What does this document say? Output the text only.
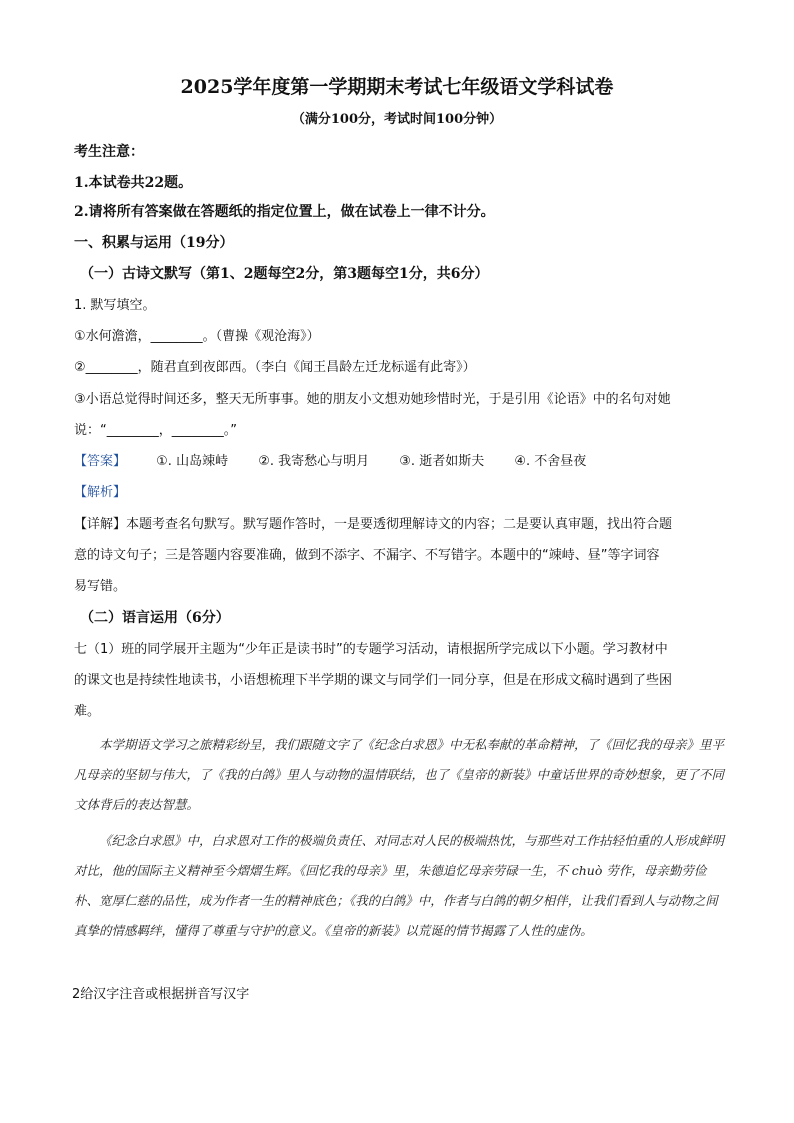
2025学年度第一学期期末考试七年级语文学科试卷
（满分100分，考试时间100分钟）
考生注意：
1.本试卷共22题。
2.请将所有答案做在答题纸的指定位置上，做在试卷上一律不计分。
一、积累与运用（19分）
（一）古诗文默写（第1、2题每空2分，第3题每空1分，共6分）
1. 默写填空。
①水何澹澹，________。（曹操《观沧海》）
②________，随君直到夜郎西。（李白《闻王昌龄左迁龙标遥有此寄》）
③小语总觉得时间还多，整天无所事事。她的朋友小文想劝她珍惜时光，于是引用《论语》中的名句对她
说：“________，________。”
【答案】 ①. 山岛竦峙 ②. 我寄愁心与明月 ③. 逝者如斯夫 ④. 不舍昼夜
【解析】
【详解】本题考查名句默写。默写题作答时，一是要透彻理解诗文的内容；二是要认真审题，找出符合题
意的诗文句子；三是答题内容要准确，做到不添字、不漏字、不写错字。本题中的“竦峙、昼”等字词容
易写错。
（二）语言运用（6分）
七（1）班的同学展开主题为“少年正是读书时”的专题学习活动，请根据所学完成以下小题。学习教材中
的课文也是持续性地读书，小语想梳理下半学期的课文与同学们一同分享，但是在形成文稿时遇到了些困
难。

本学期语文学习之旅精彩纷呈，我们跟随文字了《纪念白求恩》中无私奉献的革命精神，了《回忆我的母亲》里平凡母亲的坚韧与伟大，了《我的白鸽》里人与动物的温情联结，也了《皇帝的新装》中童话世界的奇妙想象，更了不同文体背后的表达智慧。

《纪念白求恩》中，白求恩对工作的极端负责任、对同志对人民的极端热忱，与那些对工作拈轻怕重的人形成鲜明对比，他的国际主义精神至今熠熠生辉。《回忆我的母亲》里，朱德追忆母亲劳碌一生，不 chuò 劳作，母亲勤劳俭朴、宽厚仁慈的品性，成为作者一生的精神底色；《我的白鸽》中，作者与白鸽的朝夕相伴，让我们看到人与动物之间真挚的情感羁绊，懂得了尊重与守护的意义。《皇帝的新装》以荒诞的情节揭露了人性的虚伪。

2给汉字注音或根据拼音写汉字
